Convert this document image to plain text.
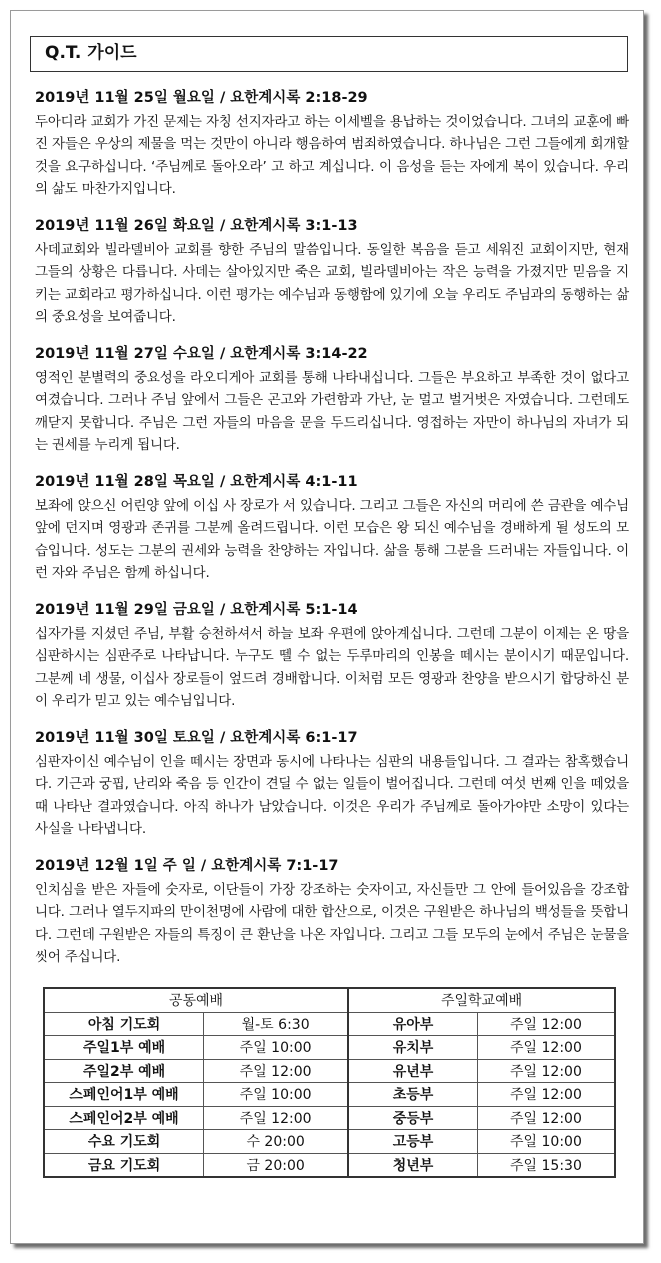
Q.T. 가이드
2019년 11월 25일 월요일 / 요한계시록 2:18-29
두아디라 교회가 가진 문제는 자칭 선지자라고 하는 이세벨을 용납하는 것이었습니다. 그녀의 교훈에 빠진 자들은 우상의 제물을 먹는 것만이 아니라 행음하여 범죄하였습니다. 하나님은 그런 그들에게 회개할 것을 요구하십니다. ‘주님께로 돌아오라’ 고 하고 계십니다. 이 음성을 듣는 자에게 복이 있습니다. 우리의 삶도 마찬가지입니다.
2019년 11월 26일 화요일 / 요한계시록 3:1-13
사데교회와 빌라델비아 교회를 향한 주님의 말씀입니다. 동일한 복음을 듣고 세워진 교회이지만, 현재 그들의 상황은 다릅니다. 사데는 살아있지만 죽은 교회, 빌라델비아는 작은 능력을 가졌지만 믿음을 지키는 교회라고 평가하십니다. 이런 평가는 예수님과 동행함에 있기에 오늘 우리도 주님과의 동행하는 삶의 중요성을 보여줍니다.
2019년 11월 27일 수요일 / 요한계시록 3:14-22
영적인 분별력의 중요성을 라오디게아 교회를 통해 나타내십니다. 그들은 부요하고 부족한 것이 없다고 여겼습니다. 그러나 주님 앞에서 그들은 곤고와 가련함과 가난, 눈 멀고 벌거벗은 자였습니다. 그런데도 깨닫지 못합니다. 주님은 그런 자들의 마음을 문을 두드리십니다. 영접하는 자만이 하나님의 자녀가 되는 권세를 누리게 됩니다.
2019년 11월 28일 목요일 / 요한계시록 4:1-11
보좌에 앉으신 어린양 앞에 이십 사 장로가 서 있습니다. 그리고 그들은 자신의 머리에 쓴 금관을 예수님 앞에 던지며 영광과 존귀를 그분께 올려드립니다. 이런 모습은 왕 되신 예수님을 경배하게 될 성도의 모습입니다. 성도는 그분의 권세와 능력을 찬양하는 자입니다. 삶을 통해 그분을 드러내는 자들입니다. 이런 자와 주님은 함께 하십니다.
2019년 11월 29일 금요일 / 요한계시록 5:1-14
십자가를 지셨던 주님, 부활 승천하셔서 하늘 보좌 우편에 앉아계십니다. 그런데 그분이 이제는 온 땅을 심판하시는 심판주로 나타납니다. 누구도 뗄 수 없는 두루마리의 인봉을 떼시는 분이시기 때문입니다. 그분께 네 생물, 이십사 장로들이 엎드려 경배합니다. 이처럼 모든 영광과 찬양을 받으시기 합당하신 분이 우리가 믿고 있는 예수님입니다.
2019년 11월 30일 토요일 / 요한계시록 6:1-17
심판자이신 예수님이 인을 떼시는 장면과 동시에 나타나는 심판의 내용들입니다. 그 결과는 참혹했습니다. 기근과 궁핍, 난리와 죽음 등 인간이 견딜 수 없는 일들이 벌어집니다. 그런데 여섯 번째 인을 떼었을 때 나타난 결과였습니다. 아직 하나가 남았습니다. 이것은 우리가 주님께로 돌아가야만 소망이 있다는 사실을 나타냅니다.
2019년 12월 1일 주 일 / 요한계시록 7:1-17
인치심을 받은 자들에 숫자로, 이단들이 가장 강조하는 숫자이고, 자신들만 그 안에 들어있음을 강조합니다. 그러나 열두지파의 만이천명에 사람에 대한 합산으로, 이것은 구원받은 하나님의 백성들을 뜻합니다. 그런데 구원받은 자들의 특징이 큰 환난을 나온 자입니다. 그리고 그들 모두의 눈에서 주님은 눈물을 씻어 주십니다.
공동예배		주일학교예배	
아침 기도회	월-토 6:30	유아부	주일 12:00
주일1부 예배	주일 10:00	유치부	주일 12:00
주일2부 예배	주일 12:00	유년부	주일 12:00
스페인어1부 예배	주일 10:00	초등부	주일 12:00
스페인어2부 예배	주일 12:00	중등부	주일 12:00
수요 기도회	수 20:00	고등부	주일 10:00
금요 기도회	금 20:00	청년부	주일 15:30
